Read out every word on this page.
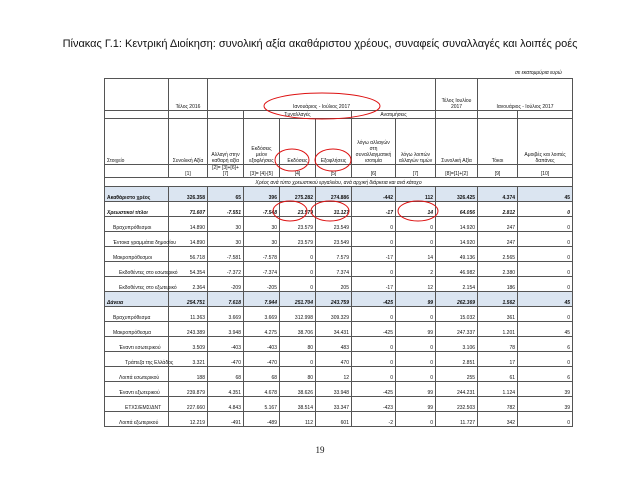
Πίνακας Γ.1: Κεντρική Διοίκηση: συνολική αξία ακαθάριστου χρέους, συναφείς συναλλαγές και λοιπές ροές
σε εκατομμύρια ευρώ
	Τέλος 2016	Ιανουάριος - Ιούλιος 2017						Τέλος Ιουλίου 2017	Ιανουάριος - Ιούλιος 2017	
			Συναλλαγές			Ανατιμήσεις				
Στοιχείο	Συνολική Αξία	Αλλαγή στην καθαρή αξία	Εκδόσεις μείον εξοφλήσεις	Εκδόσεις	Εξοφλήσεις	λόγω αλλαγών στη συναλλαγματική ισοτιμία	λόγω λοιπών αλλαγών τιμών	Συνολική Αξία	Τόκοι	Αμοιβές και λοιπές δαπάνες
	[1]	[2]= [3]+[6]+[7]	[3]= [4]-[5]	[4]	[5]	[6]	[7]	[8]=[1]+[2]	[9]	[10]
Χρέος ανά τύπο χρεωστικού εργαλείου, ανά αρχική διάρκεια και ανά κάτοχο										
Ακαθάριστο χρέος	326.358	65	396	275.282	274.886	-442	112	326.425	4.374	45
Χρεωστικοί τίτλοι	71.607	-7.551	-7.548	23.579	31.127	-17	14	64.056	2.812	0
Βραχυπρόθεσμοι	14.890	30	30	23.579	23.549	0	0	14.920	247	0
Έντοκα γραμμάτια δημοσίου	14.890	30	30	23.579	23.549	0	0	14.920	247	0
Μακροπρόθεσμοι	56.718	-7.581	-7.578	0	7.579	-17	14	49.136	2.565	0
Εκδοθέντες στο εσωτερικό	54.354	-7.372	-7.374	0	7.374	0	2	46.982	2.380	0
Εκδοθέντες στο εξωτερικό	2.364	-209	-205	0	205	-17	12	2.154	186	0
Δάνεια	254.751	7.618	7.944	251.704	243.759	-425	99	262.369	1.562	45
Βραχυπρόθεσμα	11.363	3.669	3.669	312.998	309.329	0	0	15.032	361	0
Μακροπρόθεσμα	243.389	3.948	4.275	38.706	34.431	-425	99	247.337	1.201	45
Έναντι εσωτερικού	3.509	-403	-403	80	483	0	0	3.106	78	6
Τράπεζα της Ελλάδος	3.321	-470	-470	0	470	0	0	2.851	17	0
Λοιπά εσωτερικού	188	68	68	80	12	0	0	255	61	6
Έναντι εξωτερικού	239.879	4.351	4.678	38.626	33.948	-425	99	244.231	1.124	39
ΕΤΧΣ/ΕΜΣ/ΔΝΤ	227.660	4.843	5.167	38.514	33.347	-423	99	232.503	782	39
Λοιπά εξωτερικού	12.219	-491	-489	112	601	-2	0	11.727	342	0
19
